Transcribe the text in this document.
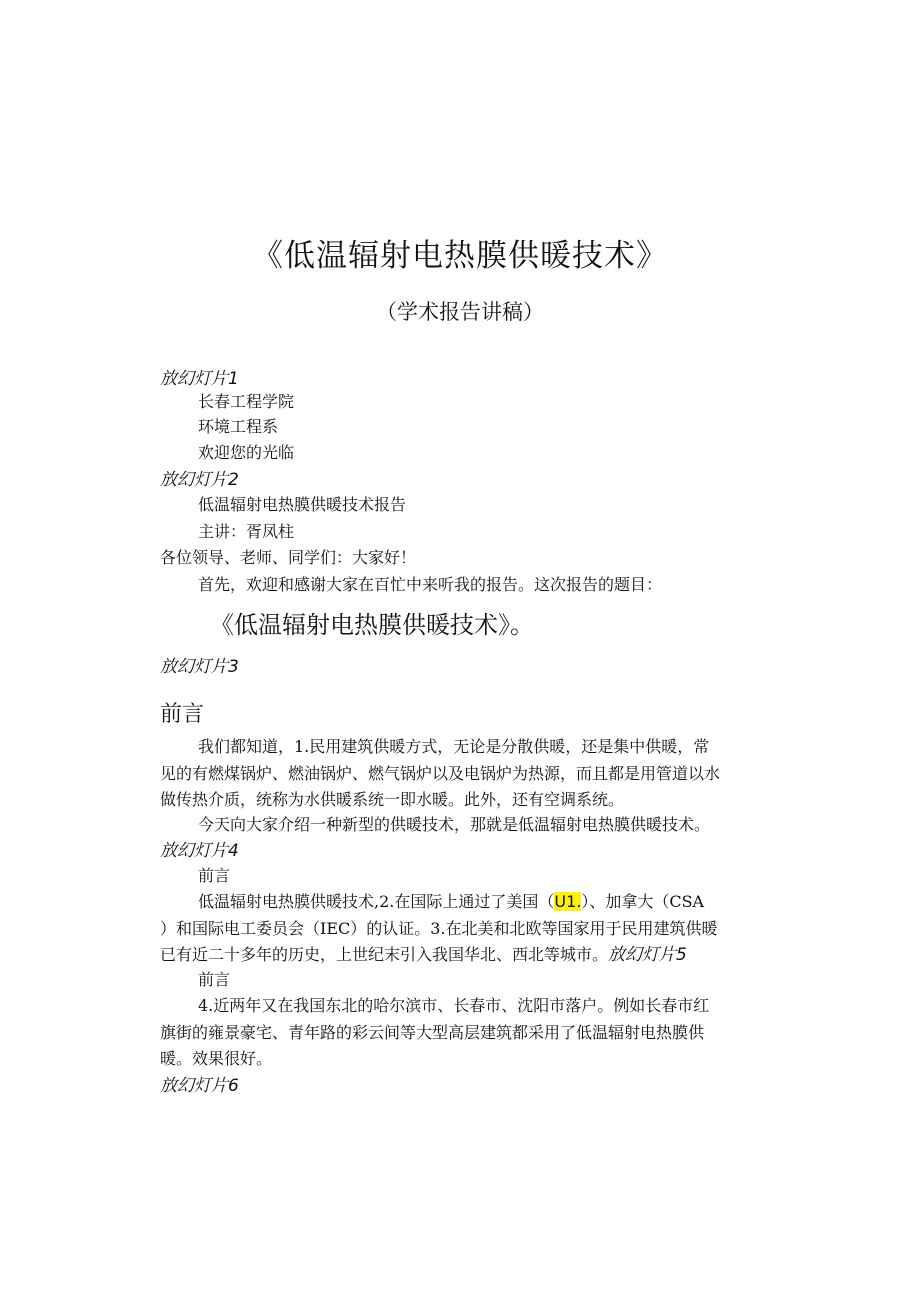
《低温辐射电热膜供暖技术》
（学术报告讲稿）
放幻灯片1
长春工程学院
环境工程系
欢迎您的光临
放幻灯片2
低温辐射电热膜供暖技术报告
主讲：胥凤柱
各位领导、老师、同学们：大家好！
首先，欢迎和感谢大家在百忙中来听我的报告。这次报告的题目：
《低温辐射电热膜供暖技术》。
放幻灯片3
前言
我们都知道，1.民用建筑供暖方式，无论是分散供暖，还是集中供暖，常
见的有燃煤锅炉、燃油锅炉、燃气锅炉以及电锅炉为热源，而且都是用管道以水
做传热介质，统称为水供暖系统一即水暖。此外，还有空调系统。
今天向大家介绍一种新型的供暖技术，那就是低温辐射电热膜供暖技术。
放幻灯片4
前言
低温辐射电热膜供暖技术,2.在国际上通过了美国（U1.）、加拿大（CSA
）和国际电工委员会（IEC）的认证。3.在北美和北欧等国家用于民用建筑供暖
已有近二十多年的历史，上世纪末引入我国华北、西北等城市。放幻灯片5
前言
4.近两年又在我国东北的哈尔滨市、长春市、沈阳市落户。例如长春市红
旗街的雍景豪宅、青年路的彩云间等大型高层建筑都采用了低温辐射电热膜供
暖。效果很好。
放幻灯片6
